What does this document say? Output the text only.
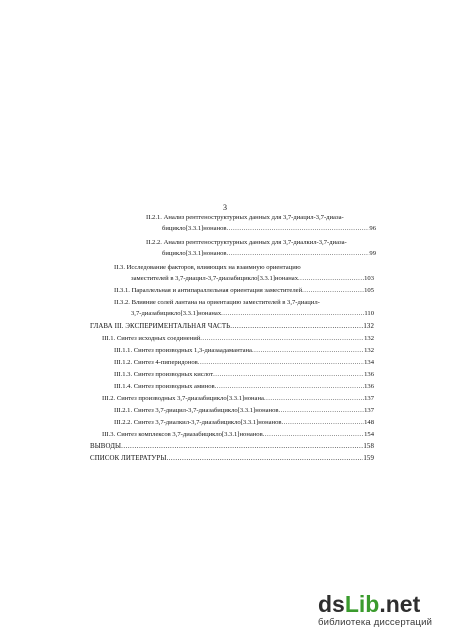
3
II.2.1. Анализ рентгеноструктурных данных для 3,7-диацил-3,7-диаза-
бицикло[3.3.1]нонанов .....	96
II.2.2. Анализ рентгеноструктурных данных для 3,7-диалкил-3,7-диаза-
бицикло[3.3.1]нонанов .....	99
II.3. Исследование факторов, влияющих на взаимную ориентацию
заместителей в 3,7-диацил-3,7-диазабицикло[3.3.1]нонанах .....	103
II.3.1. Параллельная и антипараллельная ориентация заместителей .....	105
II.3.2. Влияние солей лантана на ориентацию заместителей в 3,7-диацил-
3,7-диазабицикло[3.3.1]нонанах .....	110
ГЛАВА III. ЭКСПЕРИМЕНТАЛЬНАЯ ЧАСТЬ .....	132
III.1. Синтез исходных соединений .....	132
III.1.1. Синтез производных 1,3-диазаадамантана .....	132
III.1.2. Синтез 4-пиперидонов .....	134
III.1.3. Синтез производных кислот .....	136
III.1.4. Синтез производных аминов .....	136
III.2. Синтез производных 3,7-диазабицикло[3.3.1]нонана .....	137
III.2.1. Синтез 3,7-диацил-3,7-диазабицикло[3.3.1]нонанов .....	137
III.2.2. Синтез 3,7-диалкил-3,7-диазабицикло[3.3.1]нонанов .....	148
III.3. Синтез комплексов 3,7-диазабицикло[3.3.1]нонанов .....	154
ВЫВОДЫ .....	158
СПИСОК ЛИТЕРАТУРЫ .....	159
ds Lib . net
библиотека диссертаций
